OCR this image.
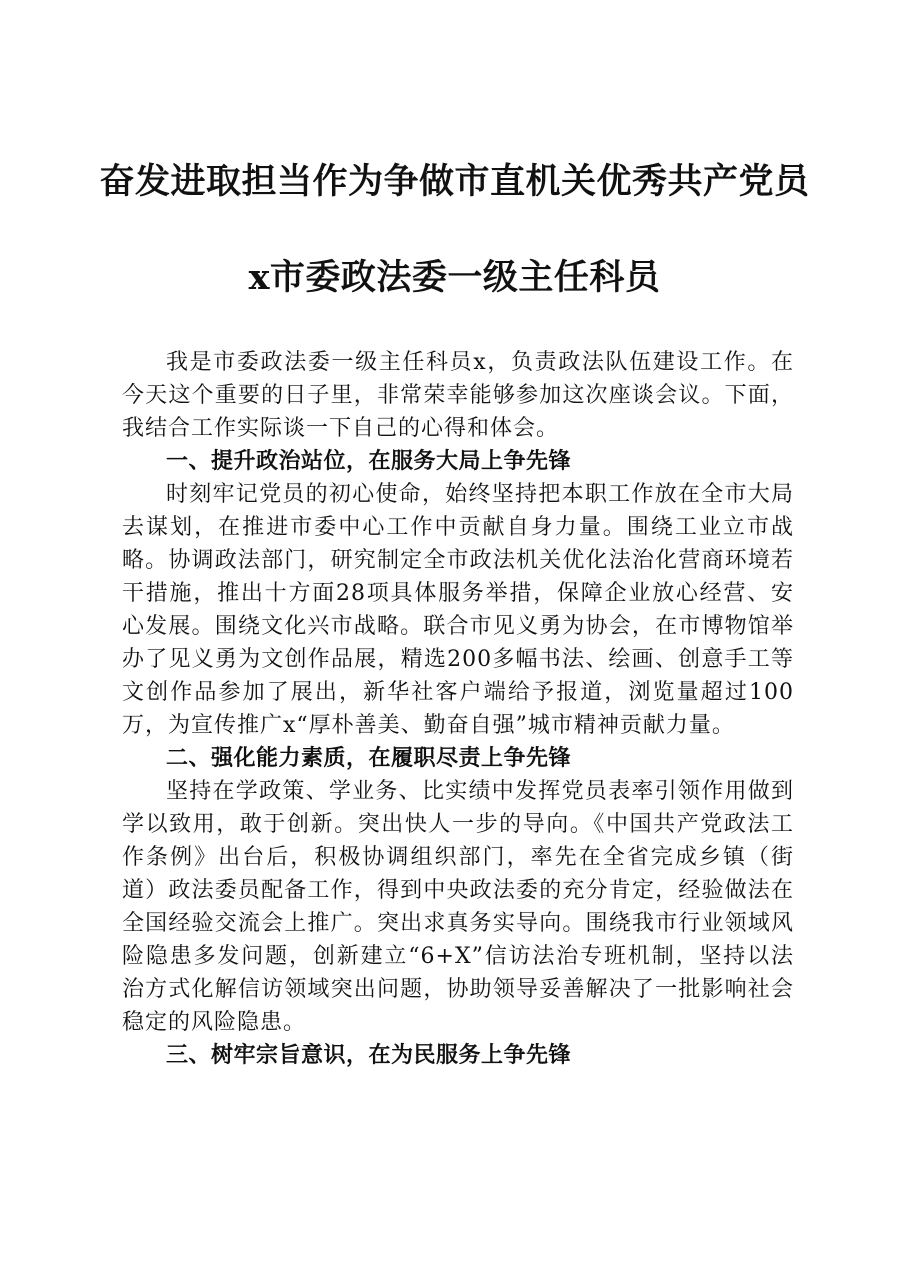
奋发进取担当作为争做市直机关优秀共产党员
x市委政法委一级主任科员

我是市委政法委一级主任科员x，负责政法队伍建设工作。在今天这个重要的日子里，非常荣幸能够参加这次座谈会议。下面，我结合工作实际谈一下自己的心得和体会。

一、提升政治站位，在服务大局上争先锋

时刻牢记党员的初心使命，始终坚持把本职工作放在全市大局去谋划，在推进市委中心工作中贡献自身力量。围绕工业立市战略。协调政法部门，研究制定全市政法机关优化法治化营商环境若干措施，推出十方面28项具体服务举措，保障企业放心经营、安心发展。围绕文化兴市战略。联合市见义勇为协会，在市博物馆举办了见义勇为文创作品展，精选200多幅书法、绘画、创意手工等文创作品参加了展出，新华社客户端给予报道，浏览量超过100万，为宣传推广x“厚朴善美、勤奋自强”城市精神贡献力量。

二、强化能力素质，在履职尽责上争先锋

坚持在学政策、学业务、比实绩中发挥党员表率引领作用做到学以致用，敢于创新。突出快人一步的导向。《中国共产党政法工作条例》出台后，积极协调组织部门，率先在全省完成乡镇（街道）政法委员配备工作，得到中央政法委的充分肯定，经验做法在全国经验交流会上推广。突出求真务实导向。围绕我市行业领域风险隐患多发问题，创新建立“6+X”信访法治专班机制，坚持以法治方式化解信访领域突出问题，协助领导妥善解决了一批影响社会稳定的风险隐患。

三、树牢宗旨意识，在为民服务上争先锋
